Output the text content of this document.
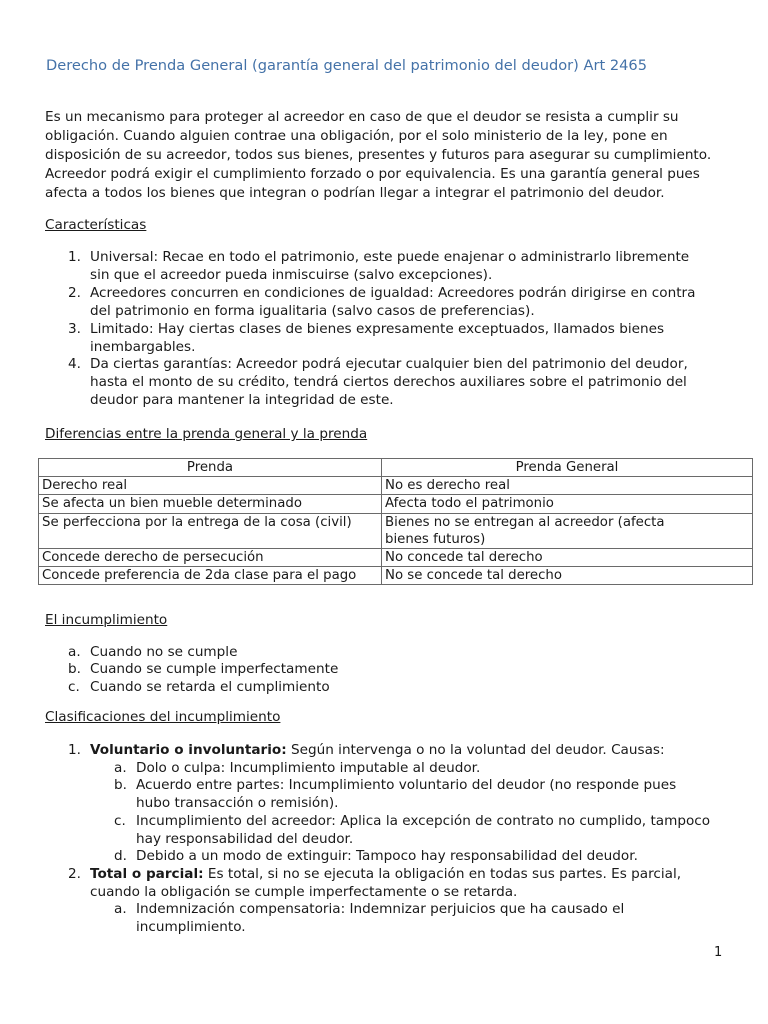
Derecho de Prenda General (garantía general del patrimonio del deudor) Art 2465

Es un mecanismo para proteger al acreedor en caso de que el deudor se resista a cumplir su
obligación. Cuando alguien contrae una obligación, por el solo ministerio de la ley, pone en
disposición de su acreedor, todos sus bienes, presentes y futuros para asegurar su cumplimiento.
Acreedor podrá exigir el cumplimiento forzado o por equivalencia. Es una garantía general pues
afecta a todos los bienes que integran o podrían llegar a integrar el patrimonio del deudor.

Características
1. Universal: Recae en todo el patrimonio, este puede enajenar o administrarlo libremente
sin que el acreedor pueda inmiscuirse (salvo excepciones).
2. Acreedores concurren en condiciones de igualdad: Acreedores podrán dirigirse en contra
del patrimonio en forma igualitaria (salvo casos de preferencias).
3. Limitado: Hay ciertas clases de bienes expresamente exceptuados, llamados bienes
inembargables.
4. Da ciertas garantías: Acreedor podrá ejecutar cualquier bien del patrimonio del deudor,
hasta el monto de su crédito, tendrá ciertos derechos auxiliares sobre el patrimonio del
deudor para mantener la integridad de este.
Diferencias entre la prenda general y la prenda
Prenda	Prenda General
Derecho real	No es derecho real
Se afecta un bien mueble determinado	Afecta todo el patrimonio
Se perfecciona por la entrega de la cosa (civil)	Bienes no se entregan al acreedor (afecta
bienes futuros)
Concede derecho de persecución	No concede tal derecho
Concede preferencia de 2da clase para el pago	No se concede tal derecho
El incumplimiento
a. Cuando no se cumple
b. Cuando se cumple imperfectamente
c. Cuando se retarda el cumplimiento
Clasificaciones del incumplimiento
1. Voluntario o involuntario: Según intervenga o no la voluntad del deudor. Causas:
a. Dolo o culpa: Incumplimiento imputable al deudor.
b. Acuerdo entre partes: Incumplimiento voluntario del deudor (no responde pues
hubo transacción o remisión).
c. Incumplimiento del acreedor: Aplica la excepción de contrato no cumplido, tampoco
hay responsabilidad del deudor.
d. Debido a un modo de extinguir: Tampoco hay responsabilidad del deudor.
2. Total o parcial: Es total, si no se ejecuta la obligación en todas sus partes. Es parcial,
cuando la obligación se cumple imperfectamente o se retarda.
a. Indemnización compensatoria: Indemnizar perjuicios que ha causado el
incumplimiento.
1
